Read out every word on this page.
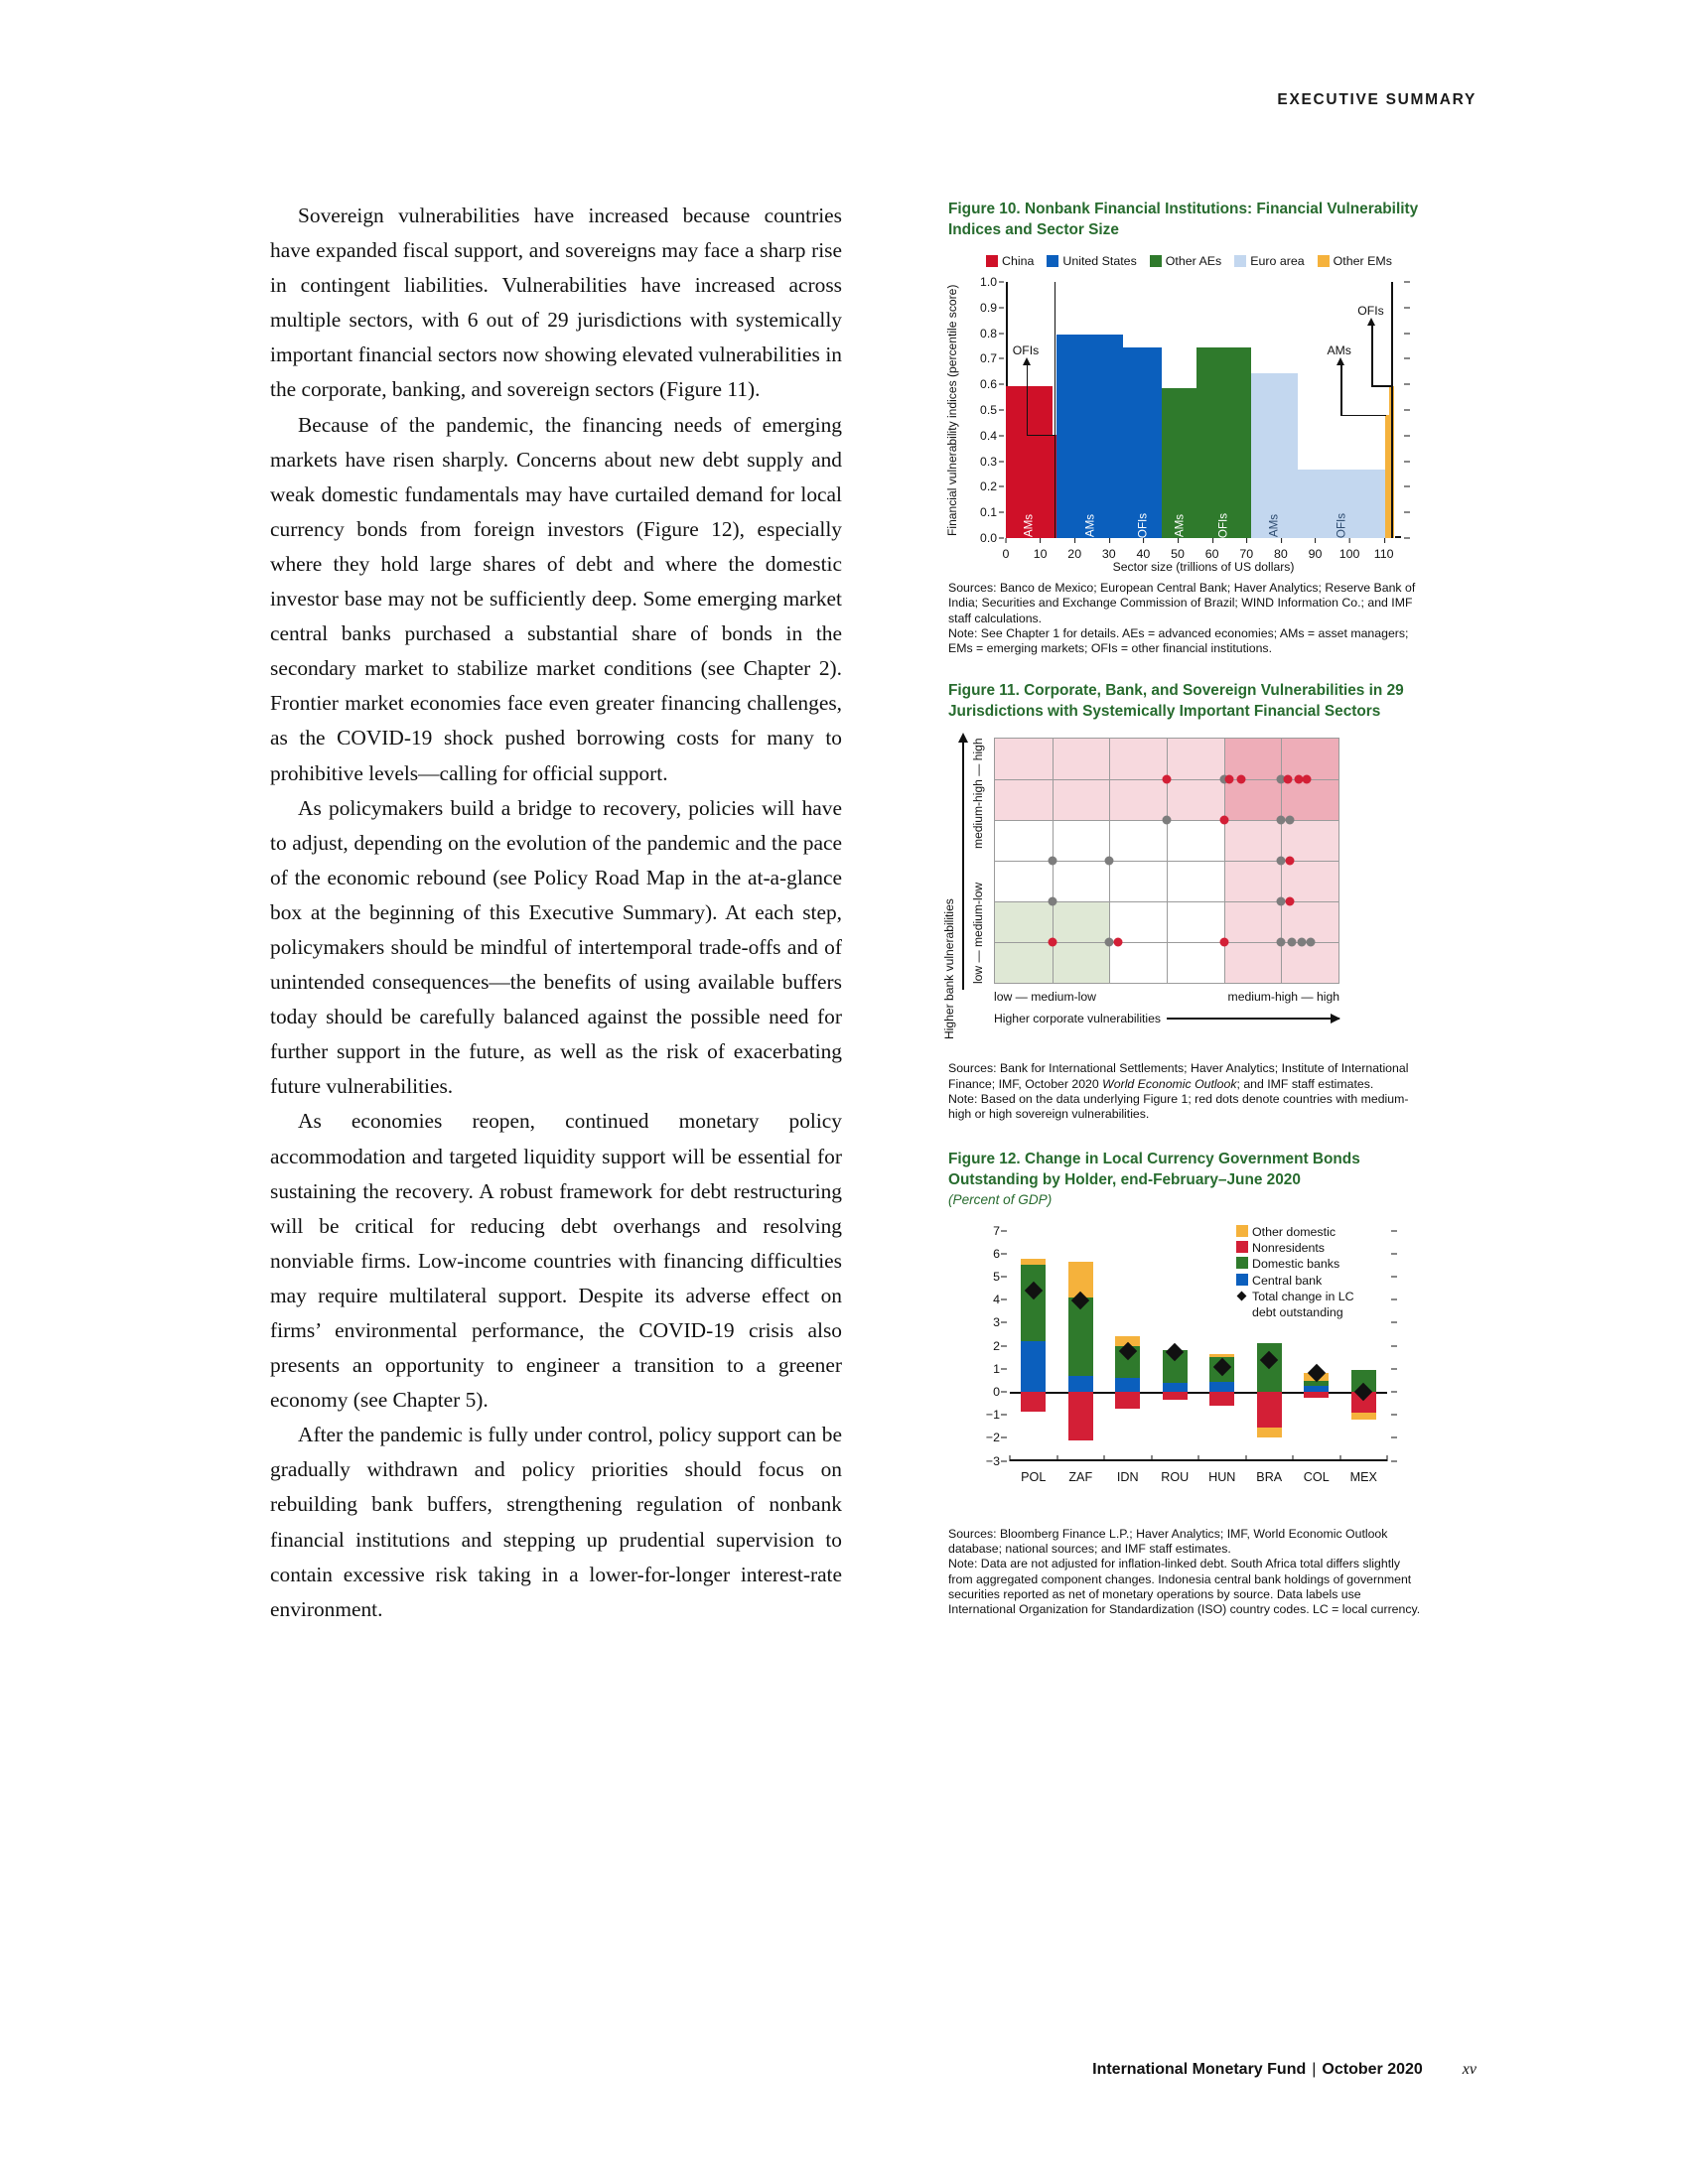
EXECUTIVE SUMMARY

Sovereign vulnerabilities have increased because countries have expanded fiscal support, and sovereigns may face a sharp rise in contingent liabilities. Vulnerabilities have increased across multiple sectors, with 6 out of 29 jurisdictions with systemically important financial sectors now showing elevated vulnerabilities in the corporate, banking, and sovereign sectors (Figure 11).

Because of the pandemic, the financing needs of emerging markets have risen sharply. Concerns about new debt supply and weak domestic fundamentals may have curtailed demand for local currency bonds from foreign investors (Figure 12), especially where they hold large shares of debt and where the domestic investor base may not be sufficiently deep. Some emerging market central banks purchased a substantial share of bonds in the secondary market to stabilize market conditions (see Chapter 2). Frontier market economies face even greater financing challenges, as the COVID-19 shock pushed borrowing costs for many to prohibitive levels—calling for official support.

As policymakers build a bridge to recovery, policies will have to adjust, depending on the evolution of the pandemic and the pace of the economic rebound (see Policy Road Map in the at-a-glance box at the beginning of this Executive Summary). At each step, policymakers should be mindful of intertemporal trade-offs and of unintended consequences—the benefits of using available buffers today should be carefully balanced against the possible need for further support in the future, as well as the risk of exacerbating future vulnerabilities.

As economies reopen, continued monetary policy accommodation and targeted liquidity support will be essential for sustaining the recovery. A robust framework for debt restructuring will be critical for reducing debt overhangs and resolving nonviable firms. Low-income countries with financing difficulties may require multilateral support. Despite its adverse effect on firms’ environmental performance, the COVID-19 crisis also presents an opportunity to engineer a transition to a greener economy (see Chapter 5).

After the pandemic is fully under control, policy support can be gradually withdrawn and policy priorities should focus on rebuilding bank buffers, strengthening regulation of nonbank financial institutions and stepping up prudential supervision to contain excessive risk taking in a lower-for-longer interest-rate environment.

Figure 10. Nonbank Financial Institutions: Financial Vulnerability Indices and Sector Size
China United States Other AEs Euro area Other EMs
Financial vulnerability indices (percentile score)
0.0
0.1
0.2
0.3
0.4
0.5
0.6
0.7
0.8
0.9
1.0
0 10 20 30 40 50 60 70 80 90 100 110
AMs	AMs	OFIs AMs	OFIs	AMs	OFIs
OFIs	AMs
OFIs
Sector size (trillions of US dollars)
Sources: Banco de Mexico; European Central Bank; Haver Analytics; Reserve Bank of India; Securities and Exchange Commission of Brazil; WIND Information Co.; and IMF staff calculations.
Note: See Chapter 1 for details. AEs = advanced economies; AMs = asset managers; EMs = emerging markets; OFIs = other financial institutions.
Figure 11. Corporate, Bank, and Sovereign Vulnerabilities in 29 Jurisdictions with Systemically Important Financial Sectors
Higher bank vulnerabilities low — medium-low
medium-high — high
low — medium-low	medium-high — high
Higher corporate vulnerabilities
Sources: Bank for International Settlements; Haver Analytics; Institute of International Finance; IMF, October 2020 World Economic Outlook; and IMF staff estimates.
Note: Based on the data underlying Figure 1; red dots denote countries with medium-high or high sovereign vulnerabilities.
Figure 12. Change in Local Currency Government Bonds Outstanding by Holder, end-February–June 2020
(Percent of GDP)
Other domestic
Nonresidents
Domestic banks
Central bank
Total change in LC debt outstanding
−3
−2
−1
0
1
2
3
4
5
6
7
POL ZAF IDN ROU HUN BRA COL MEX
Sources: Bloomberg Finance L.P.; Haver Analytics; IMF, World Economic Outlook database; national sources; and IMF staff estimates.
Note: Data are not adjusted for inflation-linked debt. South Africa total differs slightly from aggregated component changes. Indonesia central bank holdings of government securities reported as net of monetary operations by source. Data labels use International Organization for Standardization (ISO) country codes. LC = local currency.
International Monetary Fund | October 2020	xv
